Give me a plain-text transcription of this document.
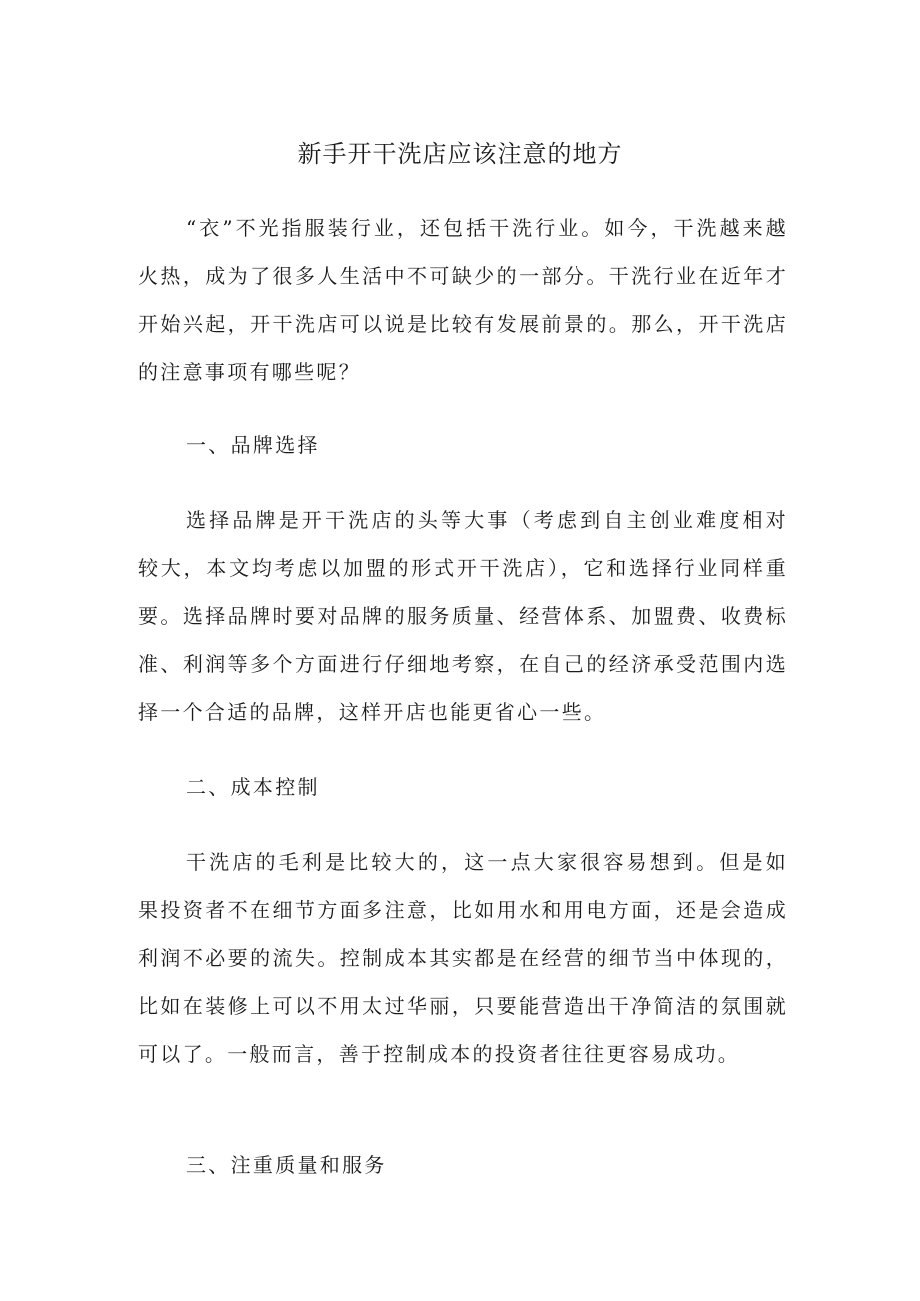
新手开干洗店应该注意的地方

“衣”不光指服装行业，还包括干洗行业。如今，干洗越来越火热，成为了很多人生活中不可缺少的一部分。干洗行业在近年才开始兴起，开干洗店可以说是比较有发展前景的。那么，开干洗店的注意事项有哪些呢？

一、品牌选择

选择品牌是开干洗店的头等大事（考虑到自主创业难度相对较大，本文均考虑以加盟的形式开干洗店），它和选择行业同样重要。选择品牌时要对品牌的服务质量、经营体系、加盟费、收费标准、利润等多个方面进行仔细地考察，在自己的经济承受范围内选择一个合适的品牌，这样开店也能更省心一些。

二、成本控制

干洗店的毛利是比较大的，这一点大家很容易想到。但是如果投资者不在细节方面多注意，比如用水和用电方面，还是会造成利润不必要的流失。控制成本其实都是在经营的细节当中体现的，比如在装修上可以不用太过华丽，只要能营造出干净简洁的氛围就可以了。一般而言，善于控制成本的投资者往往更容易成功。

三、注重质量和服务
